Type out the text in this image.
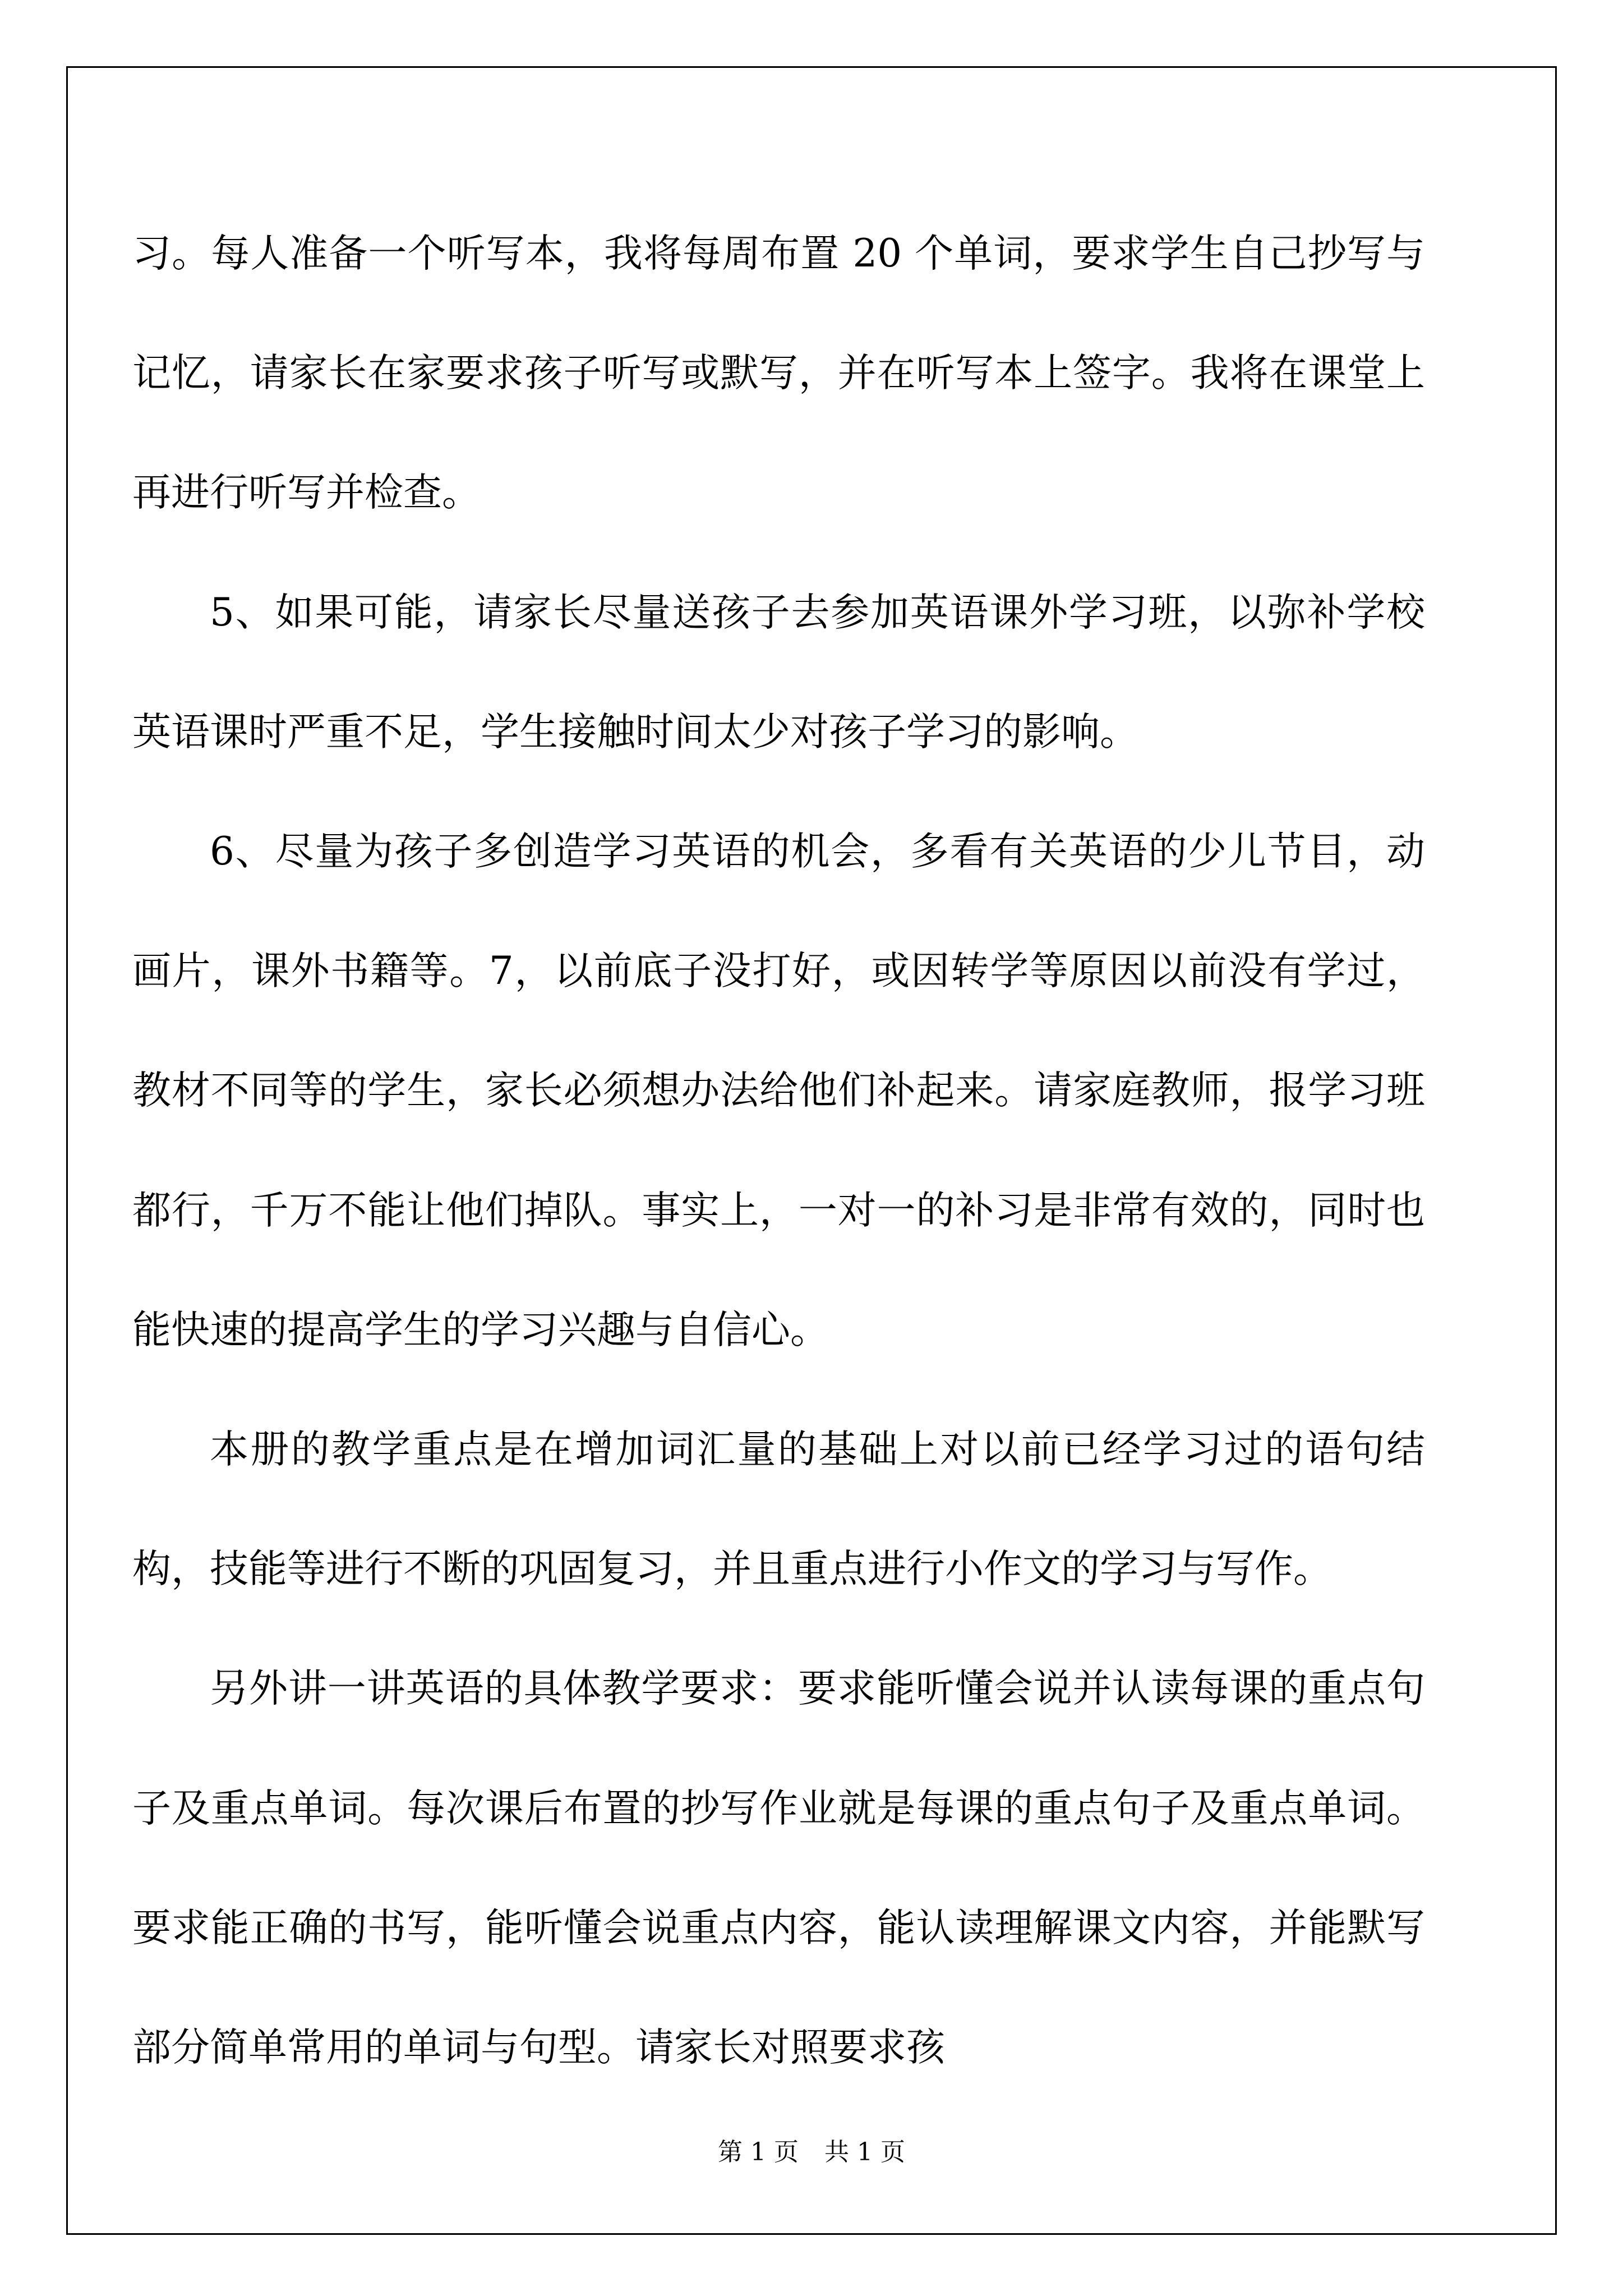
习。每人准备一个听写本，我将每周布置 20 个单词，要求学生自己抄写与记忆，请家长在家要求孩子听写或默写，并在听写本上签字。我将在课堂上再进行听写并检查。

5、如果可能，请家长尽量送孩子去参加英语课外学习班，以弥补学校英语课时严重不足，学生接触时间太少对孩子学习的影响。

6、尽量为孩子多创造学习英语的机会，多看有关英语的少儿节目，动画片，课外书籍等。7，以前底子没打好，或因转学等原因以前没有学过，教材不同等的学生，家长必须想办法给他们补起来。请家庭教师，报学习班都行，千万不能让他们掉队。事实上，一对一的补习是非常有效的，同时也能快速的提高学生的学习兴趣与自信心。

本册的教学重点是在增加词汇量的基础上对以前已经学习过的语句结构，技能等进行不断的巩固复习，并且重点进行小作文的学习与写作。

另外讲一讲英语的具体教学要求：要求能听懂会说并认读每课的重点句子及重点单词。每次课后布置的抄写作业就是每课的重点句子及重点单词。要求能正确的书写，能听懂会说重点内容，能认读理解课文内容，并能默写部分简单常用的单词与句型。请家长对照要求孩

第 1 页 共 1 页
